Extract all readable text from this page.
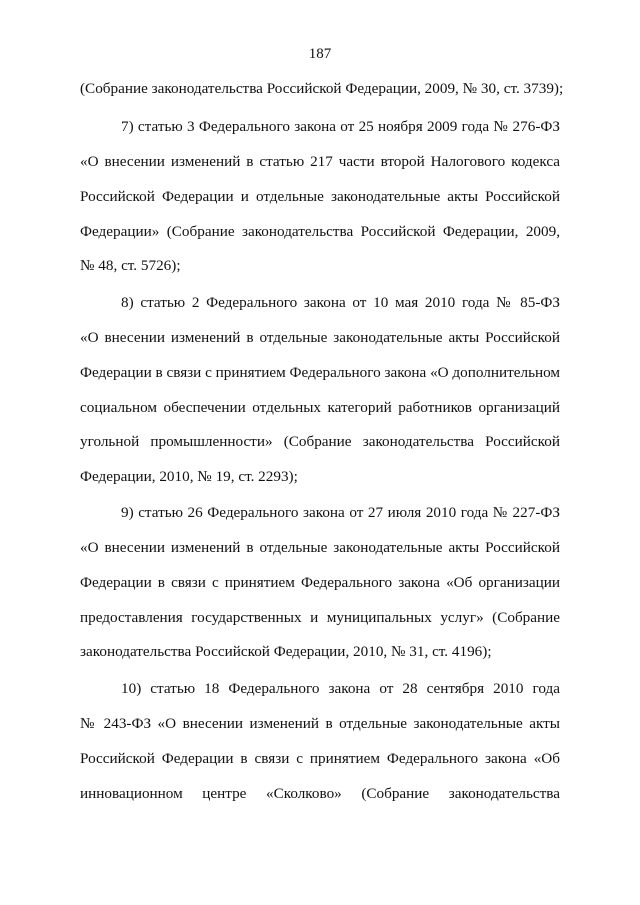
187
(Собрание законодательства Российской Федерации, 2009, № 30, ст. 3739);
7) статью 3 Федерального закона от 25 ноября 2009 года № 276-ФЗ
«О внесении изменений в статью 217 части второй Налогового кодекса
Российской Федерации и отдельные законодательные акты Российской
Федерации» (Собрание законодательства Российской Федерации, 2009,
№ 48, ст. 5726);
8) статью 2 Федерального закона от 10 мая 2010 года № 85-ФЗ
«О внесении изменений в отдельные законодательные акты Российской
Федерации в связи с принятием Федерального закона «О дополнительном
социальном обеспечении отдельных категорий работников организаций
угольной промышленности» (Собрание законодательства Российской
Федерации, 2010, № 19, ст. 2293);
9) статью 26 Федерального закона от 27 июля 2010 года № 227-ФЗ
«О внесении изменений в отдельные законодательные акты Российской
Федерации в связи с принятием Федерального закона «Об организации
предоставления государственных и муниципальных услуг» (Собрание
законодательства Российской Федерации, 2010, № 31, ст. 4196);
10) статью 18 Федерального закона от 28 сентября 2010 года
№ 243-ФЗ «О внесении изменений в отдельные законодательные акты
Российской Федерации в связи с принятием Федерального закона «Об
инновационном центре «Сколково» (Собрание законодательства
